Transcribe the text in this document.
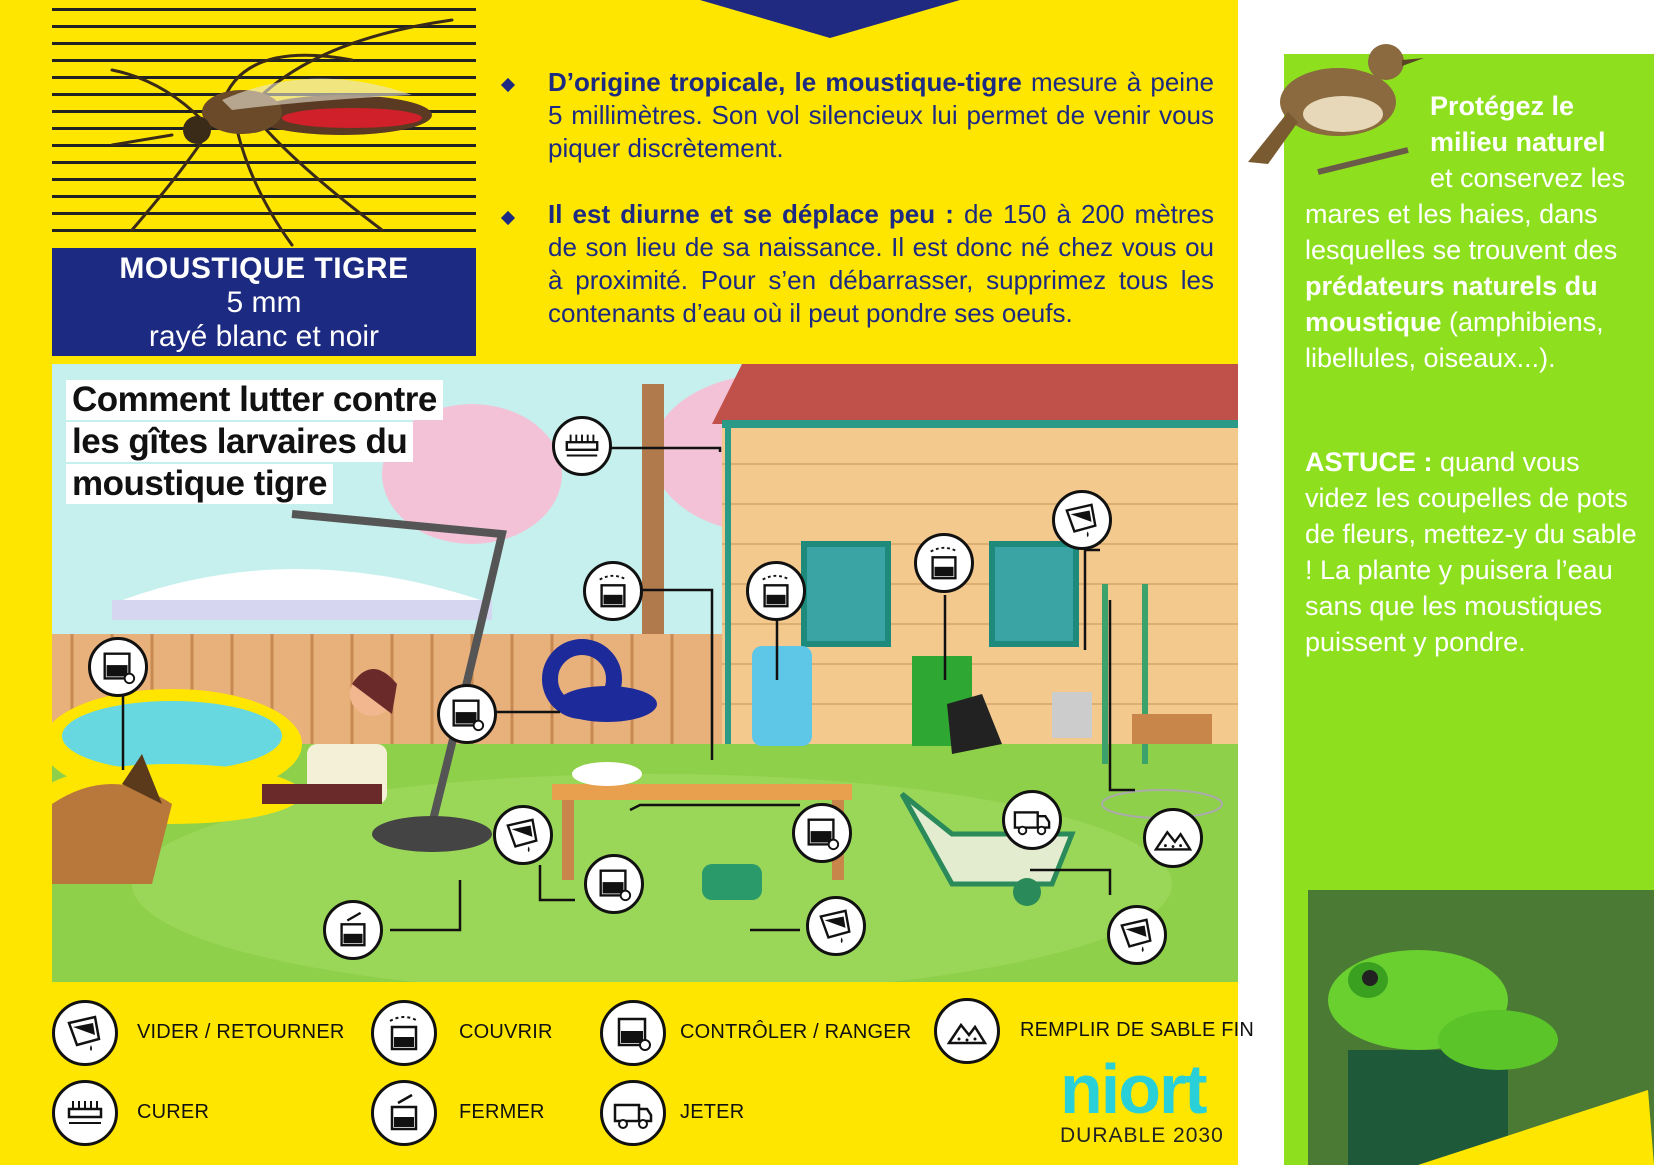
MOUSTIQUE TIGRE
5 mm
rayé blanc et noir
D’origine tropicale, le moustique-tigre mesure à peine 5 millimètres. Son vol silencieux lui permet de venir vous piquer discrètement.
Il est diurne et se déplace peu : de 150 à 200 mètres de son lieu de sa naissance. Il est donc né chez vous ou à proximité. Pour s’en débarrasser, supprimez tous les contenants d’eau où il peut pondre ses oeufs.
Comment lutter contre
les gîtes larvaires du
moustique tigre
Protégez le milieu naturel
et conservez les mares et les haies, dans lesquelles se trouvent des prédateurs naturels du moustique (amphibiens, libellules, oiseaux...).
ASTUCE : quand vous videz les coupelles de pots de fleurs, mettez-y du sable ! La plante y puisera l’eau sans que les moustiques puissent y pondre.
VIDER / RETOURNER	COUVRIR	CONTRÔLER / RANGER	REMPLIR DE SABLE FIN
CURER	FERMER	JETER	niort
DURABLE 2030
